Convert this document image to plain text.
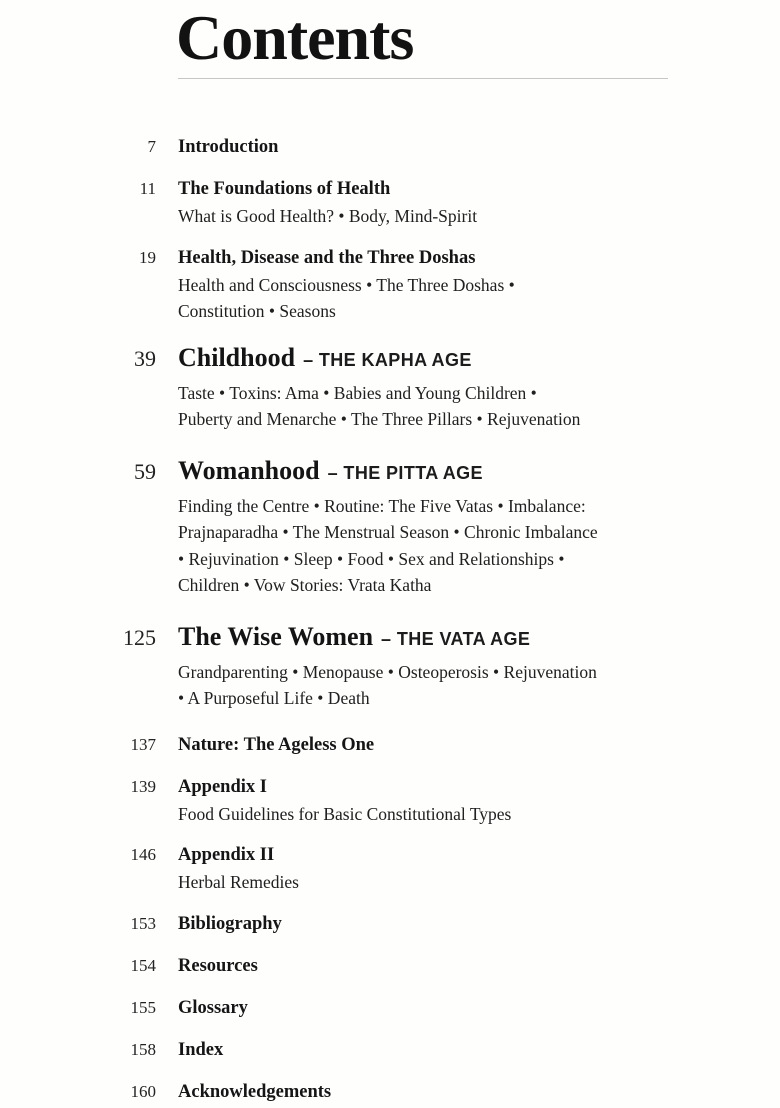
Contents
7 Introduction
11 The Foundations of Health
What is Good Health? • Body, Mind-Spirit
19 Health, Disease and the Three Doshas
Health and Consciousness • The Three Doshas •
Constitution • Seasons
39 Childhood – THE KAPHA AGE
Taste • Toxins: Ama • Babies and Young Children •
Puberty and Menarche • The Three Pillars • Rejuvenation
59 Womanhood – THE PITTA AGE
Finding the Centre • Routine: The Five Vatas • Imbalance:
Prajnaparadha • The Menstrual Season • Chronic Imbalance
• Rejuvination • Sleep • Food • Sex and Relationships •
Children • Vow Stories: Vrata Katha
125 The Wise Women – THE VATA AGE
Grandparenting • Menopause • Osteoperosis • Rejuvenation
• A Purposeful Life • Death
137 Nature: The Ageless One
139 Appendix I
Food Guidelines for Basic Constitutional Types
146 Appendix II
Herbal Remedies
153 Bibliography
154 Resources
155 Glossary
158 Index
160 Acknowledgements
